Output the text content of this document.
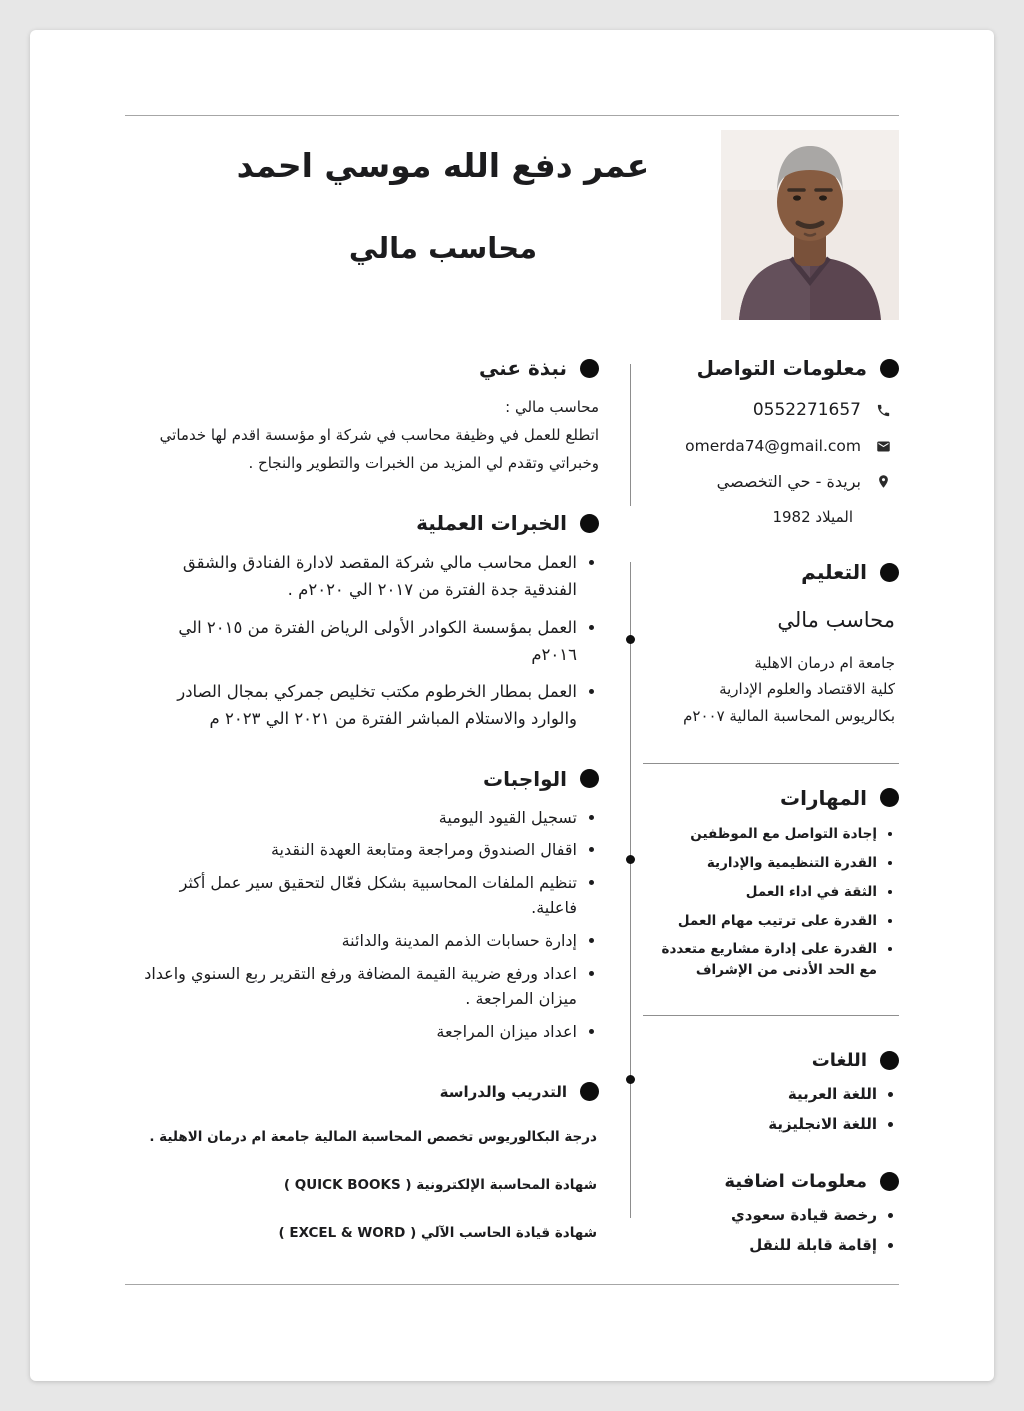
عمر دفع الله موسي احمد
محاسب مالي
معلومات التواصل
0552271657
omerda74@gmail.com
بريدة - حي التخصصي
الميلاد 1982
التعليم
محاسب مالي

جامعة ام درمان الاهلية

كلية الاقتصاد والعلوم الإدارية

بكالريوس المحاسبة المالية ٢٠٠٧م

المهارات
• إجادة التواصل مع الموظفين
• القدرة التنظيمية والإدارية
• الثقة في اداء العمل
• القدرة على ترتيب مهام العمل
• القدرة على إدارة مشاريع متعددة مع الحد الأدنى من الإشراف
اللغات
• اللغة العربية
• اللغة الانجليزية
معلومات اضافية
• رخصة قيادة سعودي
• إقامة قابلة للنقل
نبذة عني

محاسب مالي :

اتطلع للعمل في وظيفة محاسب في شركة او مؤسسة اقدم لها خدماتي وخبراتي وتقدم لي المزيد من الخبرات والتطوير والنجاح .

الخبرات العملية
• العمل محاسب مالي شركة المقصد لادارة الفنادق والشقق الفندقية جدة الفترة من ٢٠١٧ الي ٢٠٢٠م .
• العمل بمؤسسة الكوادر الأولى الرياض الفترة من ٢٠١٥ الي ٢٠١٦م
• العمل بمطار الخرطوم مكتب تخليص جمركي بمجال الصادر والوارد والاستلام المباشر الفترة من ٢٠٢١ الي ٢٠٢٣ م
الواجبات
• تسجيل القيود اليومية
• اقفال الصندوق ومراجعة ومتابعة العهدة النقدية
• تنظيم الملفات المحاسبية بشكل فعّال لتحقيق سير عمل أكثر فاعلية.
• إدارة حسابات الذمم المدينة والدائنة
• اعداد ورفع ضريبة القيمة المضافة ورفع التقرير ربع السنوي واعداد ميزان المراجعة .
• اعداد ميزان المراجعة
التدريب والدراسة

درجة البكالوريوس تخصص المحاسبة المالية جامعة ام درمان الاهلية .

شهادة المحاسبة الإلكترونية ( QUICK BOOKS )

شهادة قيادة الحاسب الآلي ( EXCEL & WORD )
